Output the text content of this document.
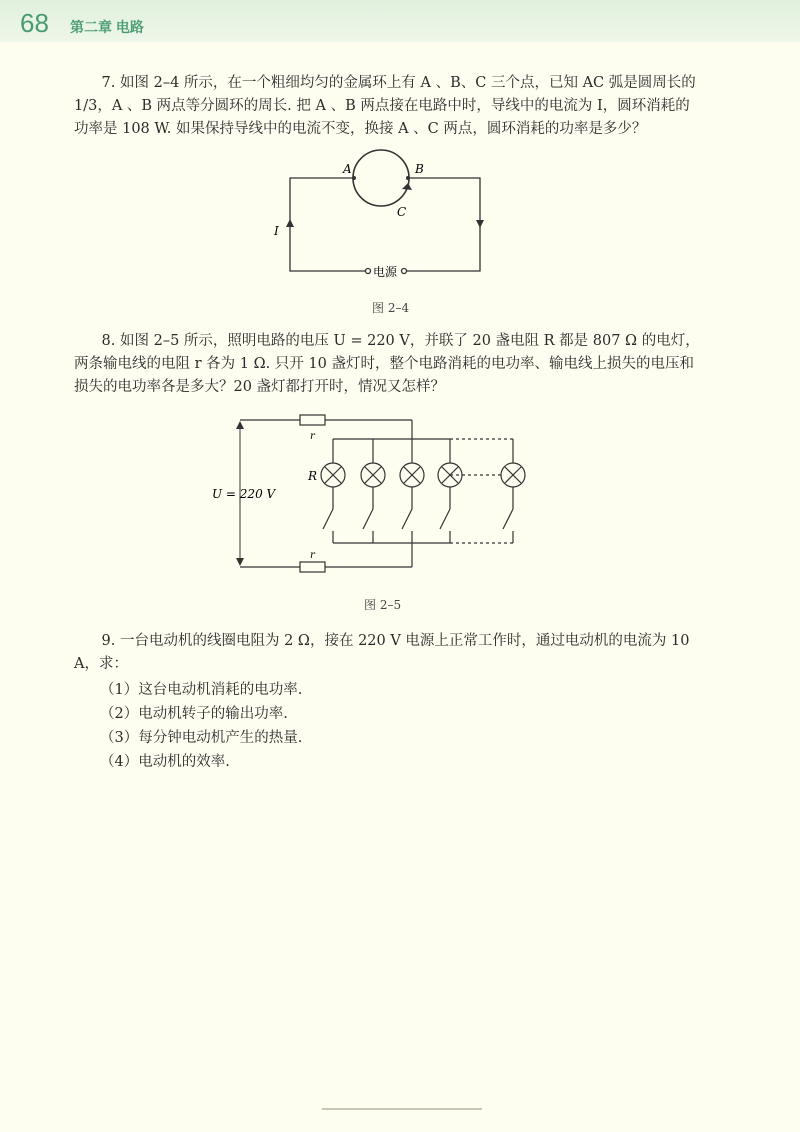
68 第二章 电路

7. 如图 2–4 所示，在一个粗细均匀的金属环上有 A 、B、C 三个点，已知 AC 弧是圆周长的 1/3，A 、B 两点等分圆环的周长. 把 A 、B 两点接在电路中时，导线中的电流为 I，圆环消耗的功率是 108 W. 如果保持导线中的电流不变，换接 A 、C 两点，圆环消耗的功率是多少？

A	B
C
I
电源

图 2–4

8. 如图 2–5 所示，照明电路的电压 U = 220 V，并联了 20 盏电阻 R 都是 807 Ω 的电灯，两条输电线的电阻 r 各为 1 Ω. 只开 10 盏灯时，整个电路消耗的电功率、输电线上损失的电压和损失的电功率各是多大？20 盏灯都打开时，情况又怎样？

U = 220 V
r
r
R

图 2–5

9. 一台电动机的线圈电阻为 2 Ω，接在 220 V 电源上正常工作时，通过电动机的电流为 10 A，求：

（1）这台电动机消耗的电功率.

（2）电动机转子的输出功率.

（3）每分钟电动机产生的热量.

（4）电动机的效率.
